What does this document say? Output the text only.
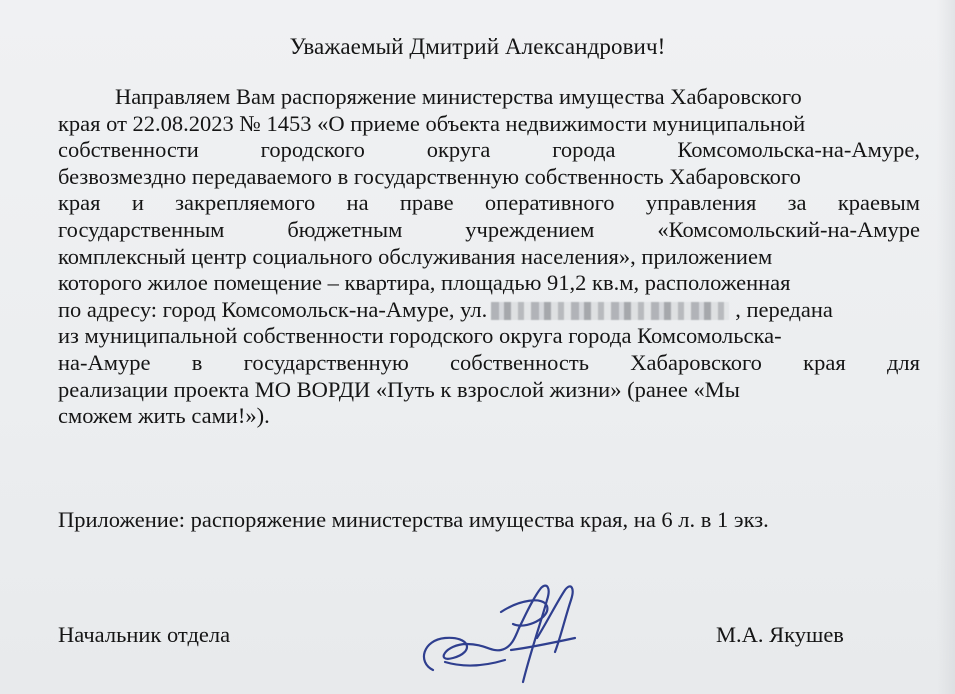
Уважаемый Дмитрий Александрович!
Направляем Вам распоряжение министерства имущества Хабаровского
края от 22.08.2023 № 1453 «О приеме объекта недвижимости муниципальной
собственности	городского	округа	города	Комсомольска-на-Амуре,
безвозмездно передаваемого в государственную собственность Хабаровского
края и закрепляемого на праве оперативного управления за краевым
государственным	бюджетным	учреждением	«Комсомольский-на-Амуре
комплексный центр социального обслуживания населения», приложением
которого жилое помещение – квартира, площадью 91,2 кв.м, расположенная
по адресу: город Комсомольск-на-Амуре, ул.	, передана
из муниципальной собственности городского округа города Комсомольска-
на-Амуре в государственную собственность Хабаровского края для
реализации проекта МО ВОРДИ «Путь к взрослой жизни» (ранее «Мы
сможем жить сами!»).
Приложение: распоряжение министерства имущества края, на 6 л. в 1 экз.
Начальник отдела	М.А. Якушев
